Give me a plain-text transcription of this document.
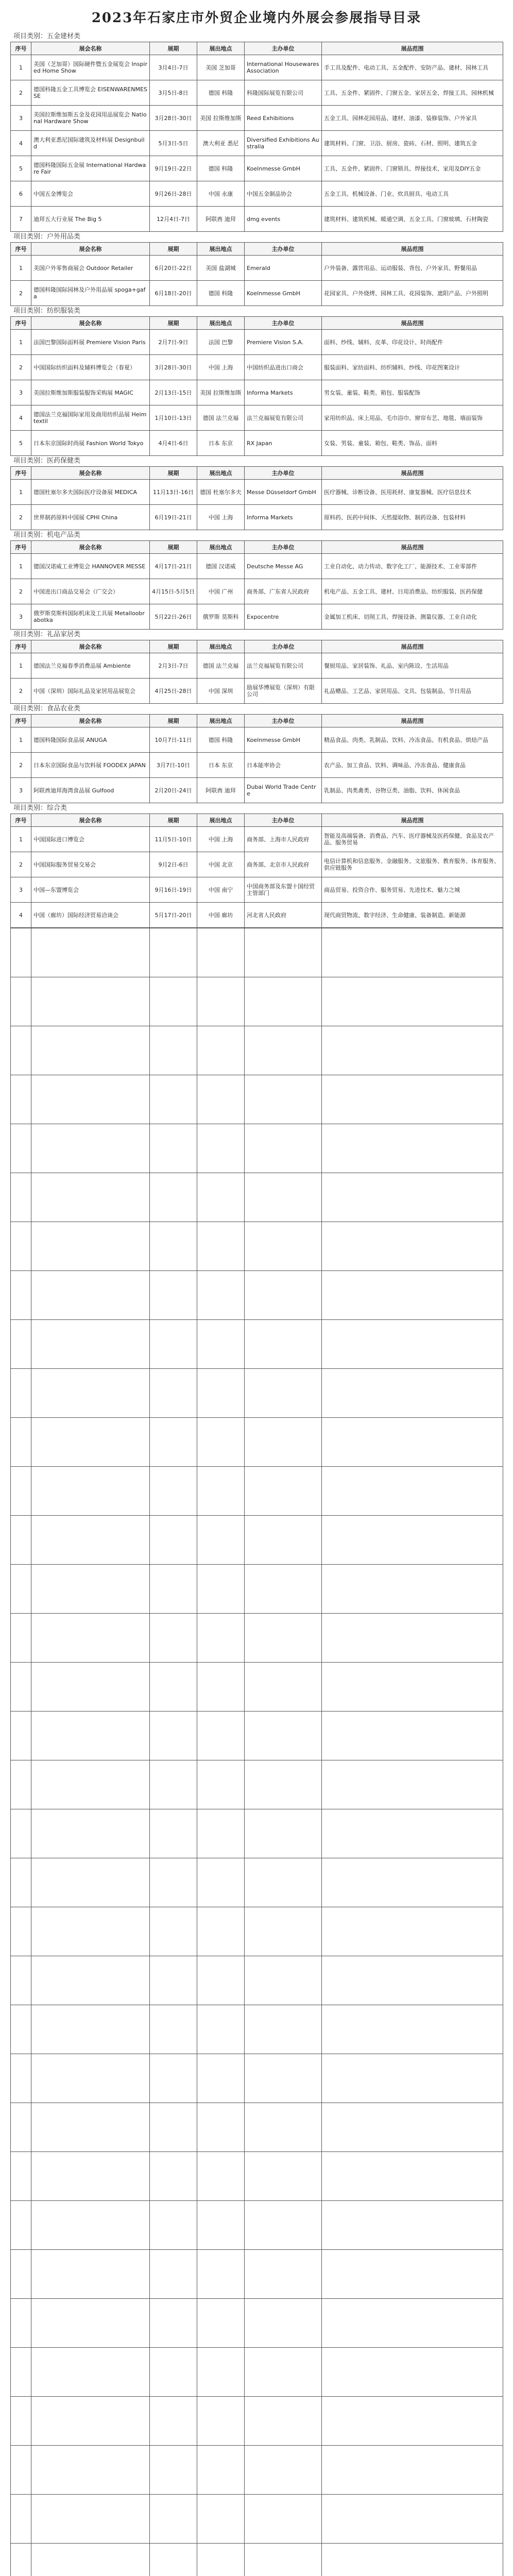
2023年石家庄市外贸企业境内外展会参展指导目录
项目类别：五金建材类
序号	展会名称	展期	展出地点	主办单位	展品范围
1	美国（芝加哥）国际硬件暨五金展览会 Inspired Home Show	3月4日-7日	美国 芝加哥	International Housewares Association	手工具及配件、电动工具、五金配件、安防产品、建材、园林工具
2	德国科隆五金工具博览会 EISENWARENMESSE	3月5日-8日	德国 科隆	科隆国际展览有限公司	工具、五金件、紧固件、门窗五金、家居五金、焊接工具、园林机械
3	美国拉斯维加斯五金及花园用品展览会 National Hardware Show	3月28日-30日	美国 拉斯维加斯	Reed Exhibitions	五金工具、园林花园用品、建材、油漆、装修装饰、户外家具
4	澳大利亚悉尼国际建筑及材料展 Designbuild	5月3日-5日	澳大利亚 悉尼	Diversified Exhibitions Australia	建筑材料、门窗、卫浴、厨房、瓷砖、石材、照明、建筑五金
5	德国科隆国际五金展 International Hardware Fair	9月19日-22日	德国 科隆	Koelnmesse GmbH	工具、五金件、紧固件、门窗锁具、焊接技术、家用及DIY五金
6	中国五金博览会	9月26日-28日	中国 永康	中国五金制品协会	五金工具、机械设备、门业、炊具厨具、电动工具
7	迪拜五大行业展 The Big 5	12月4日-7日	阿联酋 迪拜	dmg events	建筑材料、建筑机械、暖通空调、五金工具、门窗玻璃、石材陶瓷
项目类别：户外用品类
序号	展会名称	展期	展出地点	主办单位	展品范围
1	美国户外零售商展会 Outdoor Retailer	6月20日-22日	美国 盐湖城	Emerald	户外装备、露营用品、运动服装、背包、户外家具、野餐用品
2	德国科隆国际园林及户外用品展 spoga+gafa	6月18日-20日	德国 科隆	Koelnmesse GmbH	花园家具、户外烧烤、园林工具、花园装饰、遮阳产品、户外照明
项目类别：纺织服装类
序号	展会名称	展期	展出地点	主办单位	展品范围
1	法国巴黎国际面料展 Premiere Vision Paris	2月7日-9日	法国 巴黎	Premiere Vision S.A.	面料、纱线、辅料、皮革、印花设计、时尚配件
2	中国国际纺织面料及辅料博览会（春夏）	3月28日-30日	中国 上海	中国纺织品进出口商会	服装面料、家纺面料、纺织辅料、纱线、印花图案设计
3	美国拉斯维加斯服装服饰采购展 MAGIC	2月13日-15日	美国 拉斯维加斯	Informa Markets	男女装、童装、鞋类、箱包、服装配饰
4	德国法兰克福国际家用及商用纺织品展 Heimtextil	1月10日-13日	德国 法兰克福	法兰克福展览有限公司	家用纺织品、床上用品、毛巾浴巾、窗帘布艺、地毯、墙面装饰
5	日本东京国际时尚展 Fashion World Tokyo	4月4日-6日	日本 东京	RX Japan	女装、男装、童装、箱包、鞋类、饰品、面料
项目类别：医药保健类
序号	展会名称	展期	展出地点	主办单位	展品范围
1	德国杜塞尔多夫国际医疗设备展 MEDICA	11月13日-16日	德国 杜塞尔多夫	Messe Düsseldorf GmbH	医疗器械、诊断设备、医用耗材、康复器械、医疗信息技术
2	世界制药原料中国展 CPHI China	6月19日-21日	中国 上海	Informa Markets	原料药、医药中间体、天然提取物、制药设备、包装材料
项目类别：机电产品类
序号	展会名称	展期	展出地点	主办单位	展品范围
1	德国汉诺威工业博览会 HANNOVER MESSE	4月17日-21日	德国 汉诺威	Deutsche Messe AG	工业自动化、动力传动、数字化工厂、能源技术、工业零部件
2	中国进出口商品交易会（广交会）	4月15日-5月5日	中国 广州	商务部、广东省人民政府	机电产品、五金工具、建材、日用消费品、纺织服装、医药保健
3	俄罗斯莫斯科国际机床及工具展 Metalloobrabotka	5月22日-26日	俄罗斯 莫斯科	Expocentre	金属加工机床、切削工具、焊接设备、测量仪器、工业自动化
项目类别：礼品家居类
序号	展会名称	展期	展出地点	主办单位	展品范围
1	德国法兰克福春季消费品展 Ambiente	2月3日-7日	德国 法兰克福	法兰克福展览有限公司	餐厨用品、家居装饰、礼品、室内陈设、生活用品
2	中国（深圳）国际礼品及家居用品展览会	4月25日-28日	中国 深圳	励展华博展览（深圳）有限公司	礼品赠品、工艺品、家居用品、文具、包装制品、节日用品
项目类别：食品农业类
序号	展会名称	展期	展出地点	主办单位	展品范围
1	德国科隆国际食品展 ANUGA	10月7日-11日	德国 科隆	Koelnmesse GmbH	精品食品、肉类、乳制品、饮料、冷冻食品、有机食品、烘焙产品
2	日本东京国际食品与饮料展 FOODEX JAPAN	3月7日-10日	日本 东京	日本能率协会	农产品、加工食品、饮料、调味品、冷冻食品、健康食品
3	阿联酋迪拜海湾食品展 Gulfood	2月20日-24日	阿联酋 迪拜	Dubai World Trade Centre	乳制品、肉类禽类、谷物豆类、油脂、饮料、休闲食品
项目类别：综合类
序号	展会名称	展期	展出地点	主办单位	展品范围
1	中国国际进口博览会	11月5日-10日	中国 上海	商务部、上海市人民政府	智能及高端装备、消费品、汽车、医疗器械及医药保健、食品及农产品、服务贸易
2	中国国际服务贸易交易会	9月2日-6日	中国 北京	商务部、北京市人民政府	电信计算机和信息服务、金融服务、文旅服务、教育服务、体育服务、供应链服务
3	中国—东盟博览会	9月16日-19日	中国 南宁	中国商务部及东盟十国经贸主管部门	商品贸易、投资合作、服务贸易、先进技术、魅力之城
4	中国（廊坊）国际经济贸易洽谈会	5月17日-20日	中国 廊坊	河北省人民政府	现代商贸物流、数字经济、生命健康、装备制造、新能源
